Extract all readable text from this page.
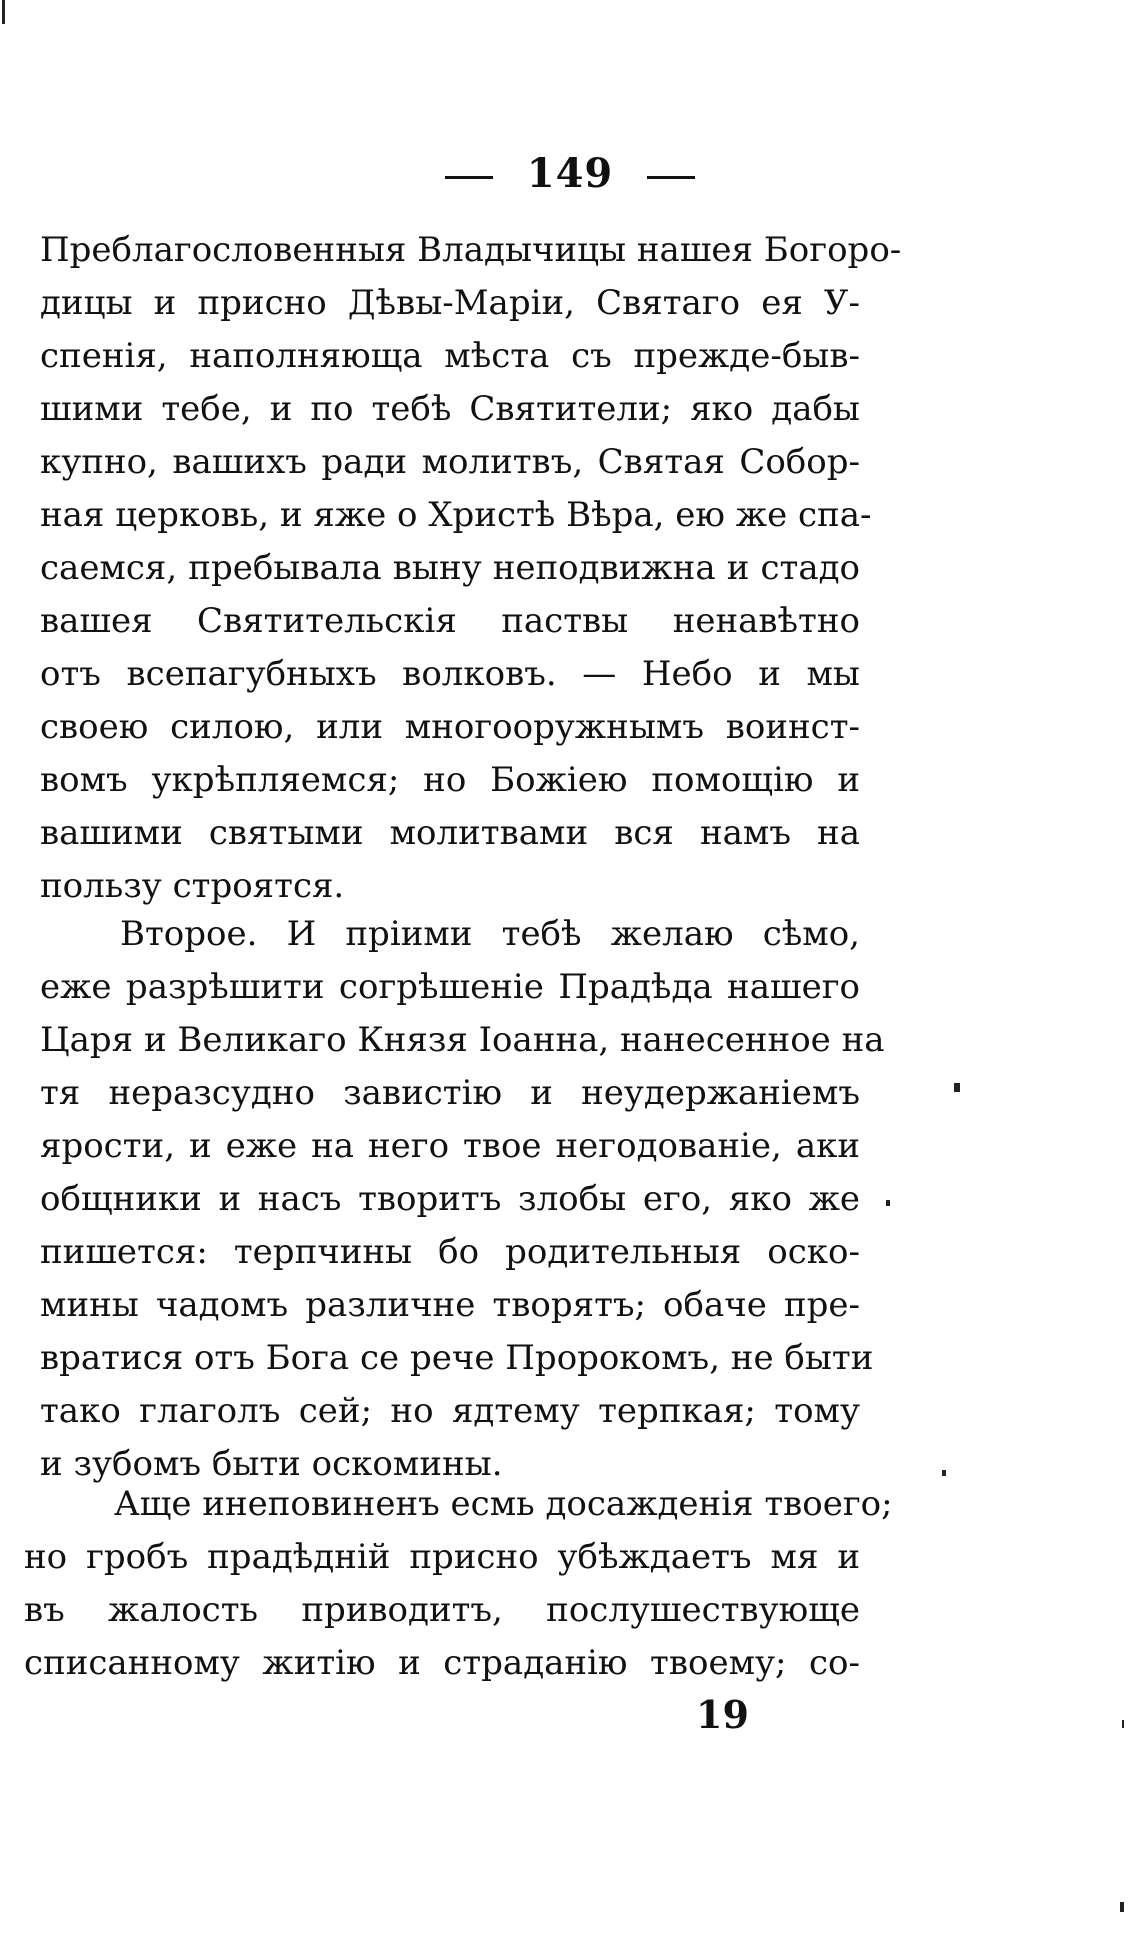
149
Преблагословенныя Владычицы нашея Богоро-
дицы и присно Дѣвы-Маріи, Святаго ея У-
спенія, наполняюща мѣста съ прежде-быв-
шими тебе, и по тебѣ Святители; яко дабы
купно, вашихъ ради молитвъ, Святая Собор-
ная церковь, и яже о Христѣ Вѣра, ею же спа-
саемся, пребывала выну неподвижна и стадо
вашея Святительскія паствы ненавѣтно
отъ всепагубныхъ волковъ. — Небо и мы
своею силою, или многооружнымъ воинст-
вомъ укрѣпляемся; но Божіею помощію и
вашими святыми молитвами вся намъ на
пользу строятся.
Второе. И пріими тебѣ желаю сѣмо,
еже разрѣшити согрѣшеніе Прадѣда нашего
Царя и Великаго Князя Іоанна, нанесенное на
тя неразсудно завистію и неудержаніемъ
ярости, и еже на него твое негодованіе, аки
общники и насъ творитъ злобы его, яко же
пишется: терпчины бо родительныя оско-
мины чадомъ различне творятъ; обаче пре-
вратися отъ Бога се рече Пророкомъ, не быти
тако глаголъ сей; но ядтему терпкая; тому
и зубомъ быти оскомины.
Аще инеповиненъ есмь досажденія твоего;
но гробъ прадѣдній присно убѣждаетъ мя и
въ жалость приводитъ, послушествующе
списанному житію и страданію твоему; со-
19
